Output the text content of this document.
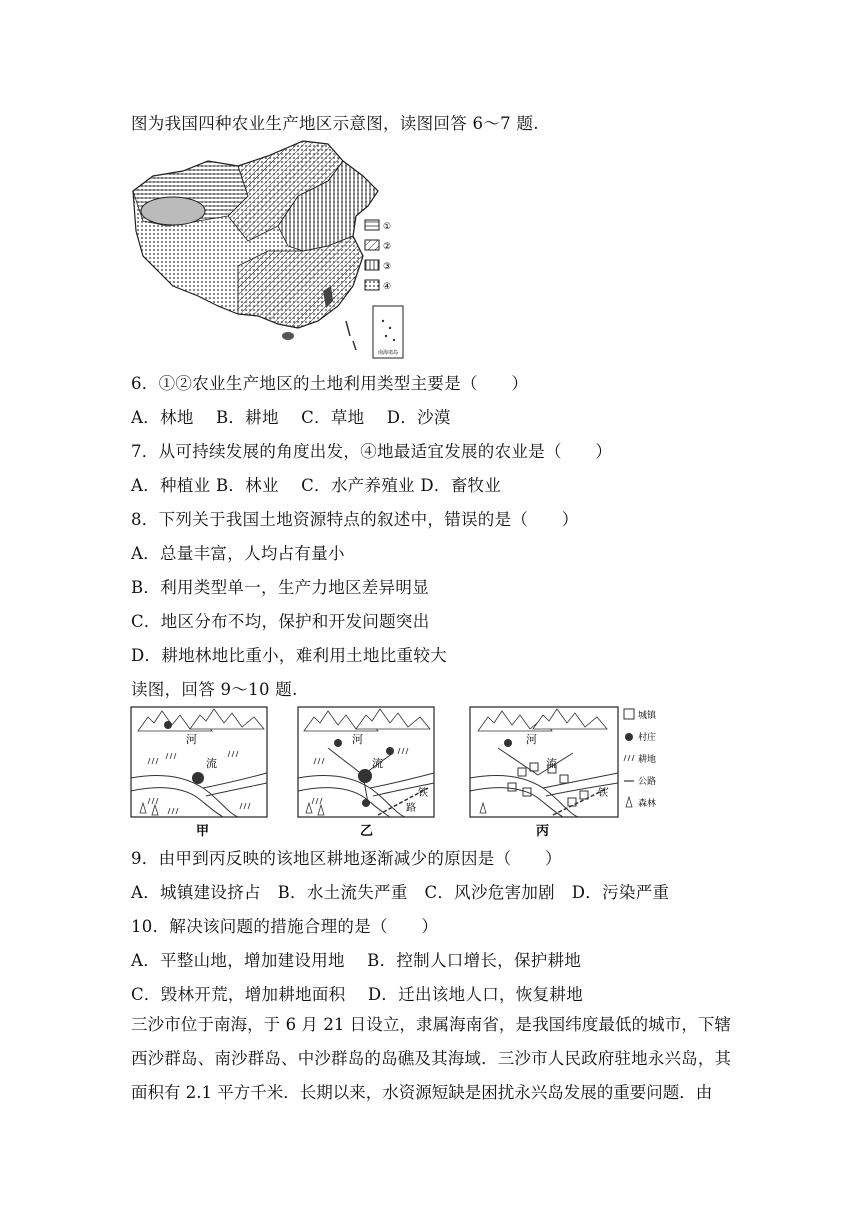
图为我国四种农业生产地区示意图，读图回答 6～7 题.
南海诸岛
①
②
③
④
6．①②农业生产地区的土地利用类型主要是（　　）
A．林地　 B．耕地　 C．草地　 D．沙漠
7．从可持续发展的角度出发，④地最适宜发展的农业是（　　）
A．种植业 B．林业　 C．水产养殖业 D．畜牧业
8．下列关于我国土地资源特点的叙述中，错误的是（　　）
A．总量丰富，人均占有量小
B．利用类型单一，生产力地区差异明显
C．地区分布不均，保护和开发问题突出
D．耕地林地比重小，难利用土地比重较大
读图，回答 9～10 题.
河
流
甲
河
流
铁
路
乙
河
流
铁
丙
城镇
村庄
耕地
公路
森林
9．由甲到丙反映的该地区耕地逐渐减少的原因是（　　）
A．城镇建设挤占　B．水土流失严重　C．风沙危害加剧　D．污染严重
10．解决该问题的措施合理的是（　　）
A．平整山地，增加建设用地　 B．控制人口增长，保护耕地
C．毁林开荒，增加耕地面积　 D．迁出该地人口，恢复耕地
三沙市位于南海，于 6 月 21 日设立，隶属海南省，是我国纬度最低的城市，下辖西沙群岛、南沙群岛、中沙群岛的岛礁及其海域．三沙市人民政府驻地永兴岛，其面积有 2.1 平方千米．长期以来，水资源短缺是困扰永兴岛发展的重要问题．由
